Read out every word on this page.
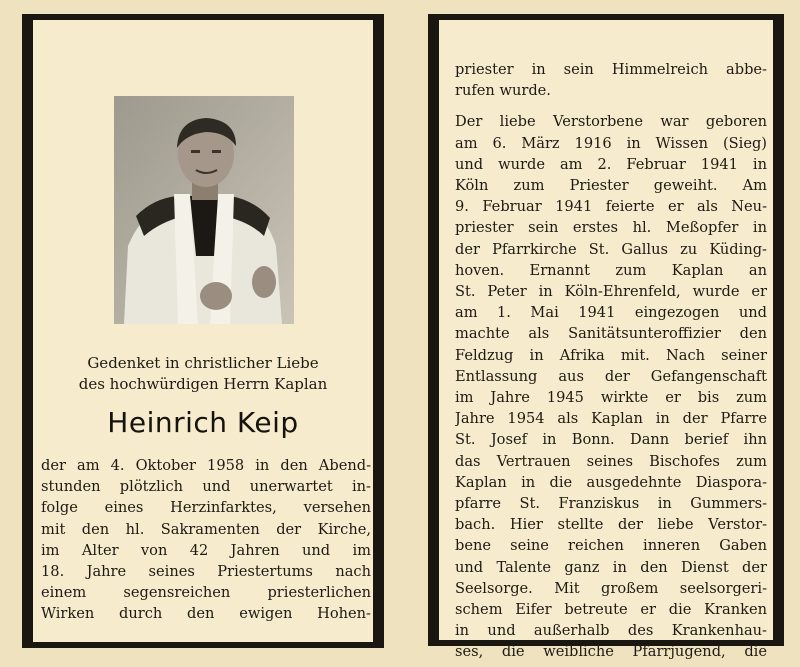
Gedenket in christlicher Liebe
des hochwürdigen Herrn Kaplan
Heinrich Keip
der am 4. Oktober 1958 in den Abend-
stunden plötzlich und unerwartet in-
folge eines Herzinfarktes, versehen
mit den hl. Sakramenten der Kirche,
im Alter von 42 Jahren und im
18. Jahre seines Priestertums nach
einem segensreichen priesterlichen
Wirken durch den ewigen Hohen-
priester in sein Himmelreich abbe-
rufen wurde.
Der liebe Verstorbene war geboren
am 6. März 1916 in Wissen (Sieg)
und wurde am 2. Februar 1941 in
Köln zum Priester geweiht. Am
9. Februar 1941 feierte er als Neu-
priester sein erstes hl. Meßopfer in
der Pfarrkirche St. Gallus zu Küding-
hoven. Ernannt zum Kaplan an
St. Peter in Köln-Ehrenfeld, wurde er
am 1. Mai 1941 eingezogen und
machte als Sanitätsunteroffizier den
Feldzug in Afrika mit. Nach seiner
Entlassung aus der Gefangenschaft
im Jahre 1945 wirkte er bis zum
Jahre 1954 als Kaplan in der Pfarre
St. Josef in Bonn. Dann berief ihn
das Vertrauen seines Bischofes zum
Kaplan in die ausgedehnte Diaspora-
pfarre St. Franziskus in Gummers-
bach. Hier stellte der liebe Verstor-
bene seine reichen inneren Gaben
und Talente ganz in den Dienst der
Seelsorge. Mit großem seelsorgeri-
schem Eifer betreute er die Kranken
in und außerhalb des Krankenhau-
ses, die weibliche Pfarrjugend, die
